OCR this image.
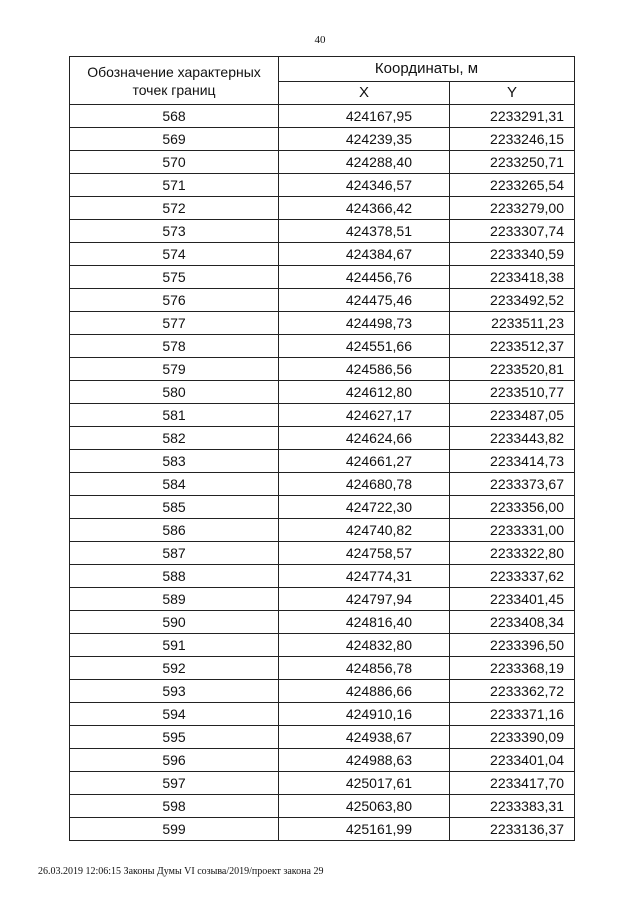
40
Обозначение характерных точек границ	Координаты, м	
	X	Y
568	424167,95	2233291,31
569	424239,35	2233246,15
570	424288,40	2233250,71
571	424346,57	2233265,54
572	424366,42	2233279,00
573	424378,51	2233307,74
574	424384,67	2233340,59
575	424456,76	2233418,38
576	424475,46	2233492,52
577	424498,73	2233511,23
578	424551,66	2233512,37
579	424586,56	2233520,81
580	424612,80	2233510,77
581	424627,17	2233487,05
582	424624,66	2233443,82
583	424661,27	2233414,73
584	424680,78	2233373,67
585	424722,30	2233356,00
586	424740,82	2233331,00
587	424758,57	2233322,80
588	424774,31	2233337,62
589	424797,94	2233401,45
590	424816,40	2233408,34
591	424832,80	2233396,50
592	424856,78	2233368,19
593	424886,66	2233362,72
594	424910,16	2233371,16
595	424938,67	2233390,09
596	424988,63	2233401,04
597	425017,61	2233417,70
598	425063,80	2233383,31
599	425161,99	2233136,37
26.03.2019 12:06:15 Законы Думы VI созыва/2019/проект закона 29
